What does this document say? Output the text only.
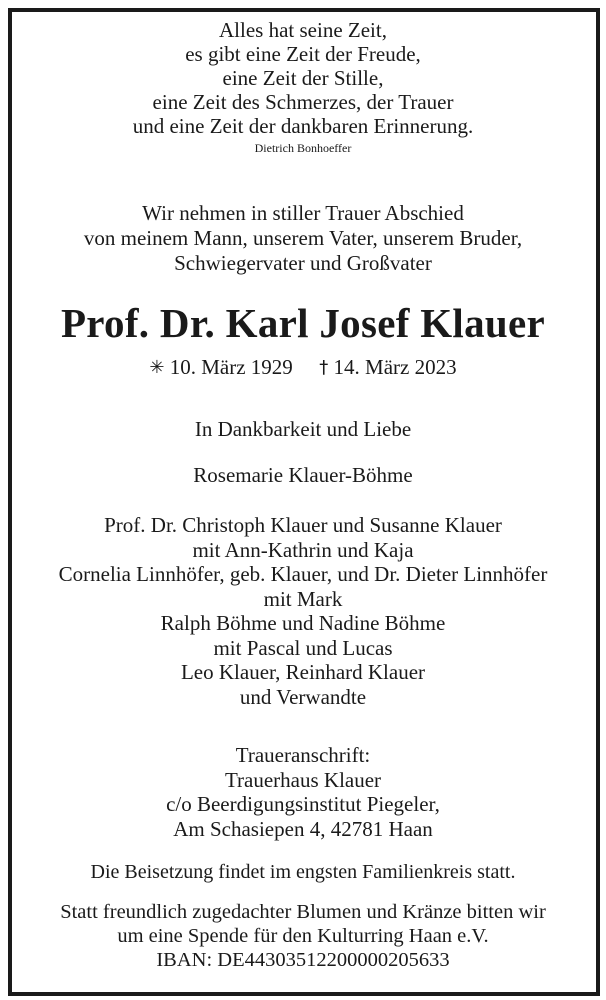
Alles hat seine Zeit,
es gibt eine Zeit der Freude,
eine Zeit der Stille,
eine Zeit des Schmerzes, der Trauer
und eine Zeit der dankbaren Erinnerung.
Dietrich Bonhoeffer
Wir nehmen in stiller Trauer Abschied
von meinem Mann, unserem Vater, unserem Bruder,
Schwiegervater und Großvater
Prof. Dr. Karl Josef Klauer
✳ 10. März 1929 † 14. März 2023
In Dankbarkeit und Liebe
Rosemarie Klauer-Böhme
Prof. Dr. Christoph Klauer und Susanne Klauer
mit Ann-Kathrin und Kaja
Cornelia Linnhöfer, geb. Klauer, und Dr. Dieter Linnhöfer
mit Mark
Ralph Böhme und Nadine Böhme
mit Pascal und Lucas
Leo Klauer, Reinhard Klauer
und Verwandte
Traueranschrift:
Trauerhaus Klauer
c/o Beerdigungsinstitut Piegeler,
Am Schasiepen 4, 42781 Haan
Die Beisetzung findet im engsten Familienkreis statt.
Statt freundlich zugedachter Blumen und Kränze bitten wir
um eine Spende für den Kulturring Haan e.V.
IBAN: DE44303512200000205633
